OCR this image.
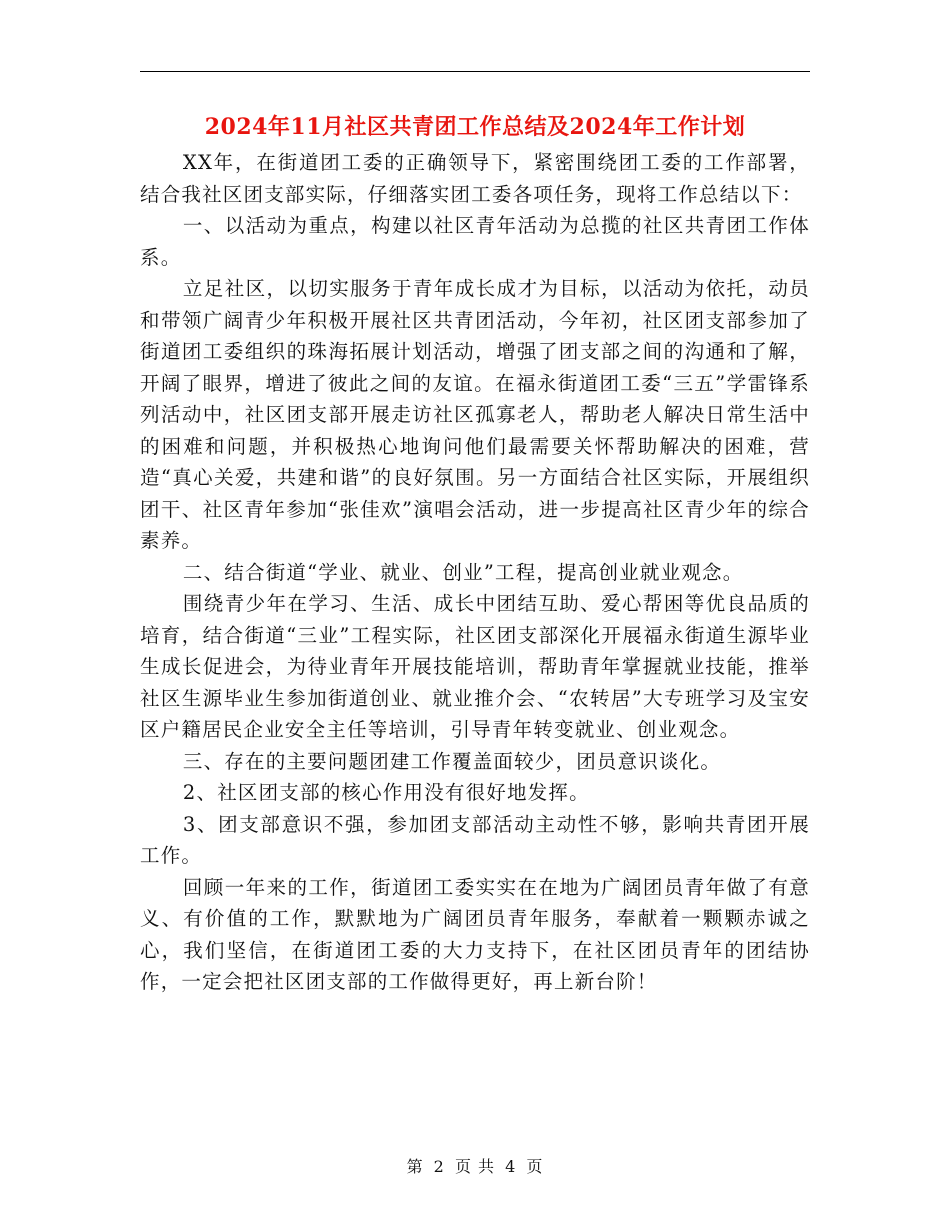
2024年11月社区共青团工作总结及2024年工作计划

XX年，在街道团工委的正确领导下，紧密围绕团工委的工作部署，结合我社区团支部实际，仔细落实团工委各项任务，现将工作总结以下：

一、以活动为重点，构建以社区青年活动为总揽的社区共青团工作体系。

立足社区，以切实服务于青年成长成才为目标，以活动为依托，动员和带领广阔青少年积极开展社区共青团活动，今年初，社区团支部参加了街道团工委组织的珠海拓展计划活动，增强了团支部之间的沟通和了解，开阔了眼界，增进了彼此之间的友谊。在福永街道团工委“三五”学雷锋系列活动中，社区团支部开展走访社区孤寡老人，帮助老人解决日常生活中的困难和问题，并积极热心地询问他们最需要关怀帮助解决的困难，营造“真心关爱，共建和谐”的良好氛围。另一方面结合社区实际，开展组织团干、社区青年参加“张佳欢”演唱会活动，进一步提高社区青少年的综合素养。

二、结合街道“学业、就业、创业”工程，提高创业就业观念。

围绕青少年在学习、生活、成长中团结互助、爱心帮困等优良品质的培育，结合街道“三业”工程实际，社区团支部深化开展福永街道生源毕业生成长促进会，为待业青年开展技能培训，帮助青年掌握就业技能，推举社区生源毕业生参加街道创业、就业推介会、“农转居”大专班学习及宝安区户籍居民企业安全主任等培训，引导青年转变就业、创业观念。

三、存在的主要问题团建工作覆盖面较少，团员意识谈化。

2、社区团支部的核心作用没有很好地发挥。

3、团支部意识不强，参加团支部活动主动性不够，影响共青团开展工作。

回顾一年来的工作，街道团工委实实在在地为广阔团员青年做了有意义、有价值的工作，默默地为广阔团员青年服务，奉献着一颗颗赤诚之心，我们坚信，在街道团工委的大力支持下，在社区团员青年的团结协作，一定会把社区团支部的工作做得更好，再上新台阶！

第 2 页 共 4 页
